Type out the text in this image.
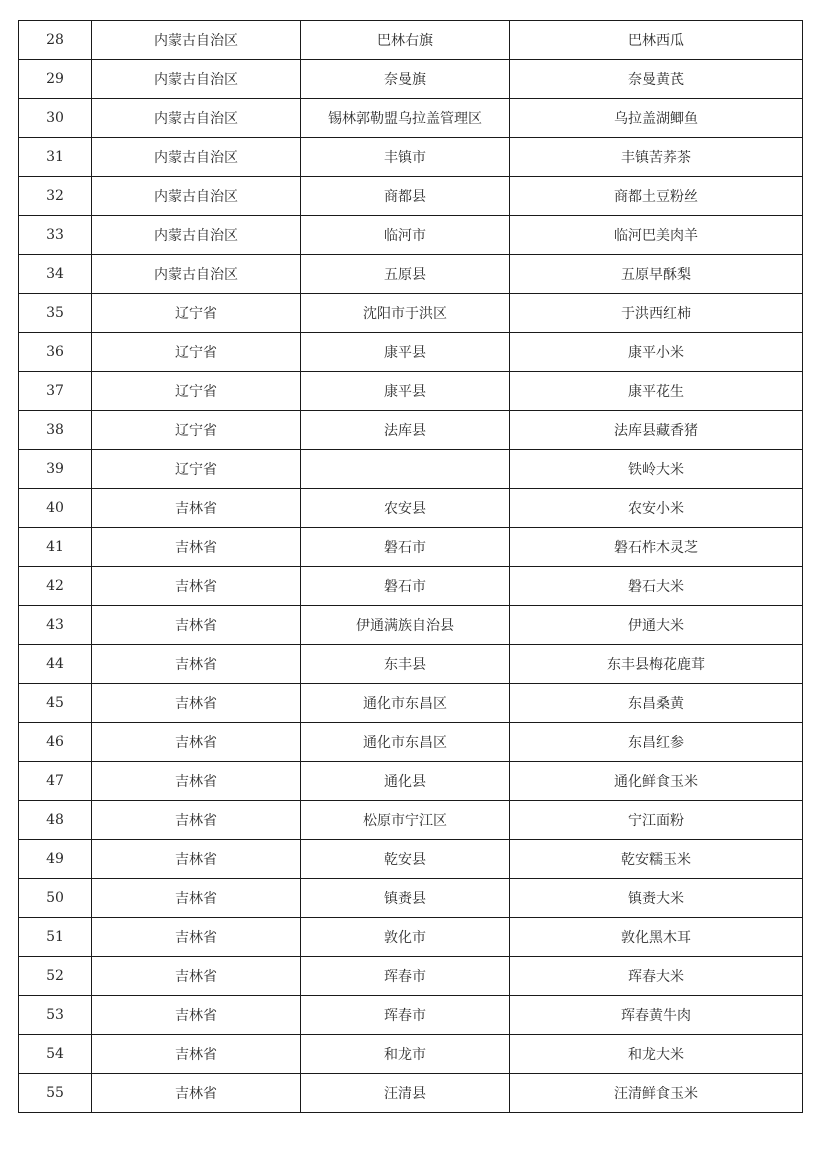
28	内蒙古自治区	巴林右旗	巴林西瓜
29	内蒙古自治区	奈曼旗	奈曼黄芪
30	内蒙古自治区	锡林郭勒盟乌拉盖管理区	乌拉盖湖鲫鱼
31	内蒙古自治区	丰镇市	丰镇苦荞茶
32	内蒙古自治区	商都县	商都土豆粉丝
33	内蒙古自治区	临河市	临河巴美肉羊
34	内蒙古自治区	五原县	五原早酥梨
35	辽宁省	沈阳市于洪区	于洪西红柿
36	辽宁省	康平县	康平小米
37	辽宁省	康平县	康平花生
38	辽宁省	法库县	法库县藏香猪
39	辽宁省		铁岭大米
40	吉林省	农安县	农安小米
41	吉林省	磐石市	磐石柞木灵芝
42	吉林省	磐石市	磐石大米
43	吉林省	伊通满族自治县	伊通大米
44	吉林省	东丰县	东丰县梅花鹿茸
45	吉林省	通化市东昌区	东昌桑黄
46	吉林省	通化市东昌区	东昌红参
47	吉林省	通化县	通化鲜食玉米
48	吉林省	松原市宁江区	宁江面粉
49	吉林省	乾安县	乾安糯玉米
50	吉林省	镇赉县	镇赉大米
51	吉林省	敦化市	敦化黑木耳
52	吉林省	珲春市	珲春大米
53	吉林省	珲春市	珲春黄牛肉
54	吉林省	和龙市	和龙大米
55	吉林省	汪清县	汪清鲜食玉米
